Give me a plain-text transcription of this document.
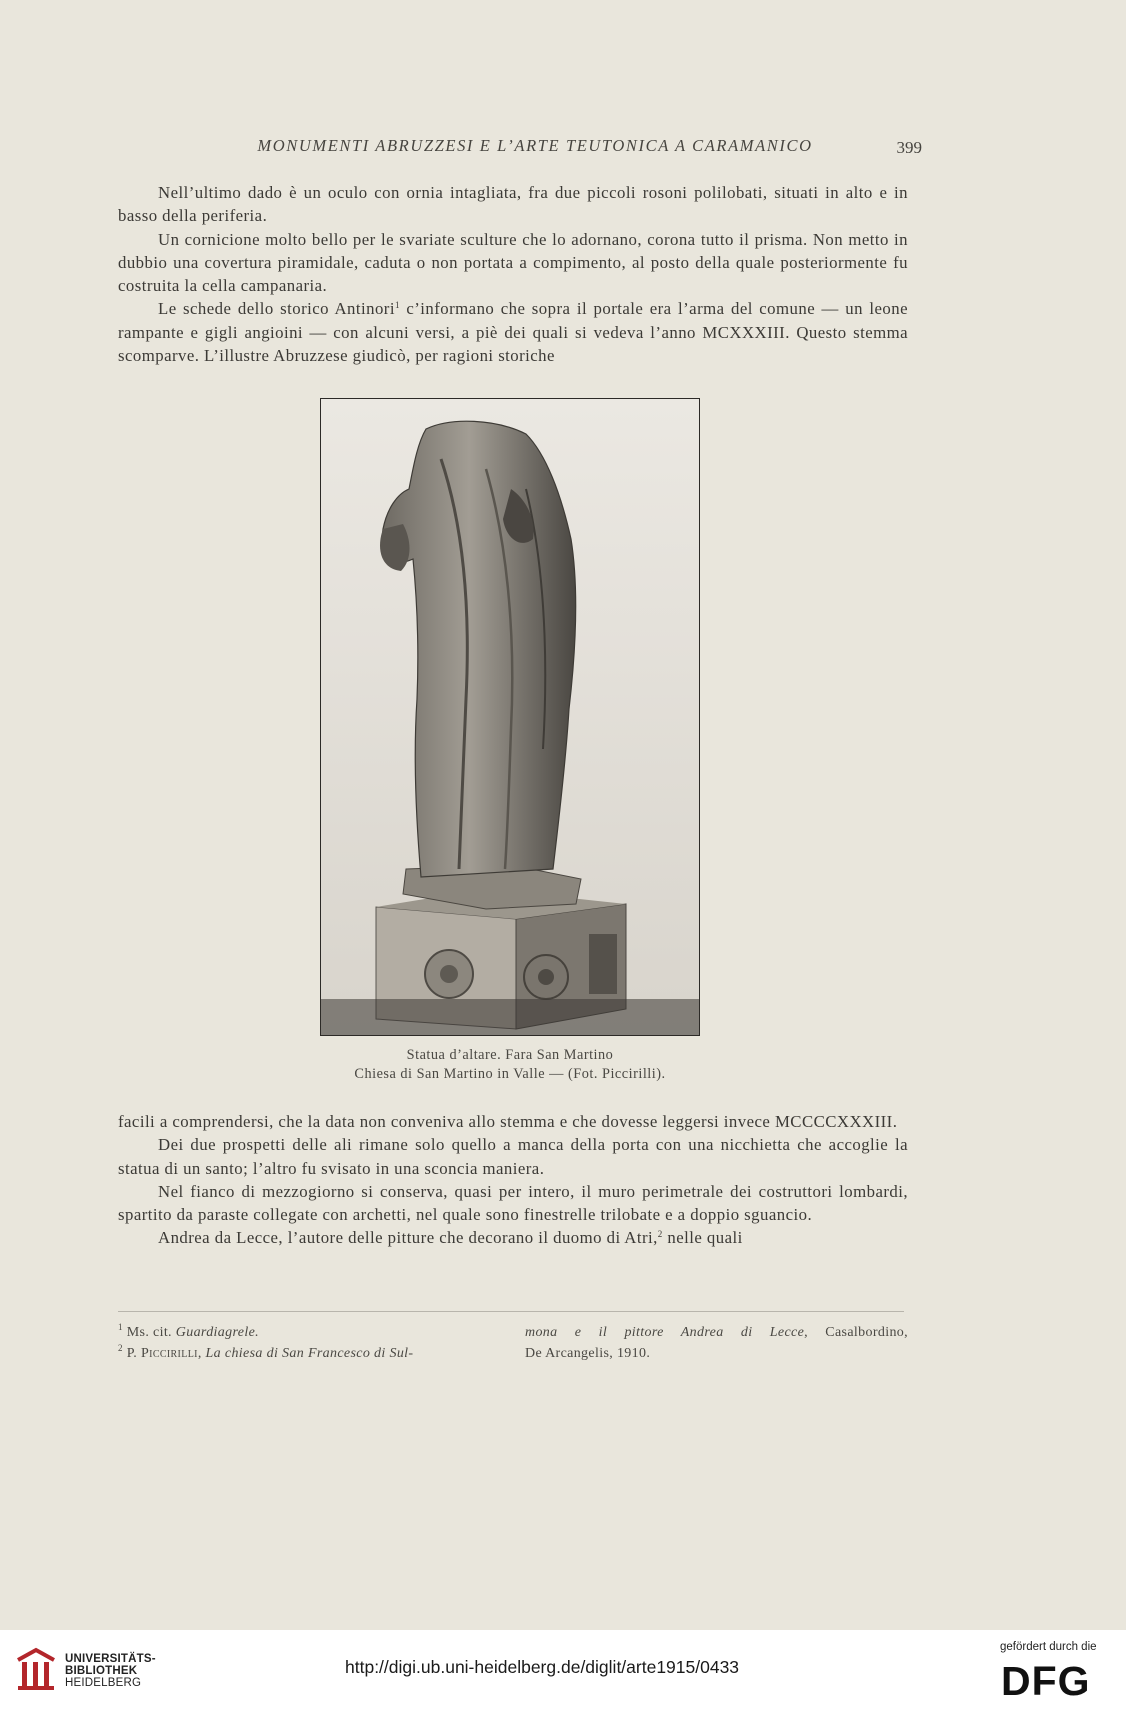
MONUMENTI ABRUZZESI E L’ARTE TEUTONICA A CARAMANICO	399

Nell’ultimo dado è un oculo con ornia intagliata, fra due piccoli rosoni polilobati, situati in alto e in basso della periferia.

Un cornicione molto bello per le svariate sculture che lo adornano, corona tutto il prisma. Non metto in dubbio una covertura piramidale, caduta o non portata a compimento, al posto della quale posteriormente fu costruita la cella campanaria.

Le schede dello storico Antinori$^1$ c’informano che sopra il portale era l’arma del comune — un leone rampante e gigli angioini — con alcuni versi, a piè dei quali si vedeva l’anno MCXXXIII. Questo stemma scomparve. L’illustre Abruzzese giudicò, per ragioni storiche

Statua d’altare. Fara San Martino
Chiesa di San Martino in Valle — (Fot. Piccirilli).

facili a comprendersi, che la data non conveniva allo stemma e che dovesse leggersi invece MCCCCXXXIII.

Dei due prospetti delle ali rimane solo quello a manca della porta con una nicchietta che accoglie la statua di un santo; l’altro fu svisato in una sconcia maniera.

Nel fianco di mezzogiorno si conserva, quasi per intero, il muro perimetrale dei costruttori lombardi, spartito da paraste collegate con archetti, nel quale sono finestrelle trilobate e a doppio sguancio.

Andrea da Lecce, l’autore delle pitture che decorano il duomo di Atri,$^2$ nelle quali

$^1$ Ms. cit. Guardiagrele.
$^2$ P. Piccirilli, La chiesa di San Francesco di Sul-
mona e il pittore Andrea di Lecce, Casalbordino,
De Arcangelis, 1910.
UNIVERSITÄTS-
BIBLIOTHEK
HEIDELBERG
http://digi.ub.uni-heidelberg.de/diglit/arte1915/0433
gefördert durch die
DFG
